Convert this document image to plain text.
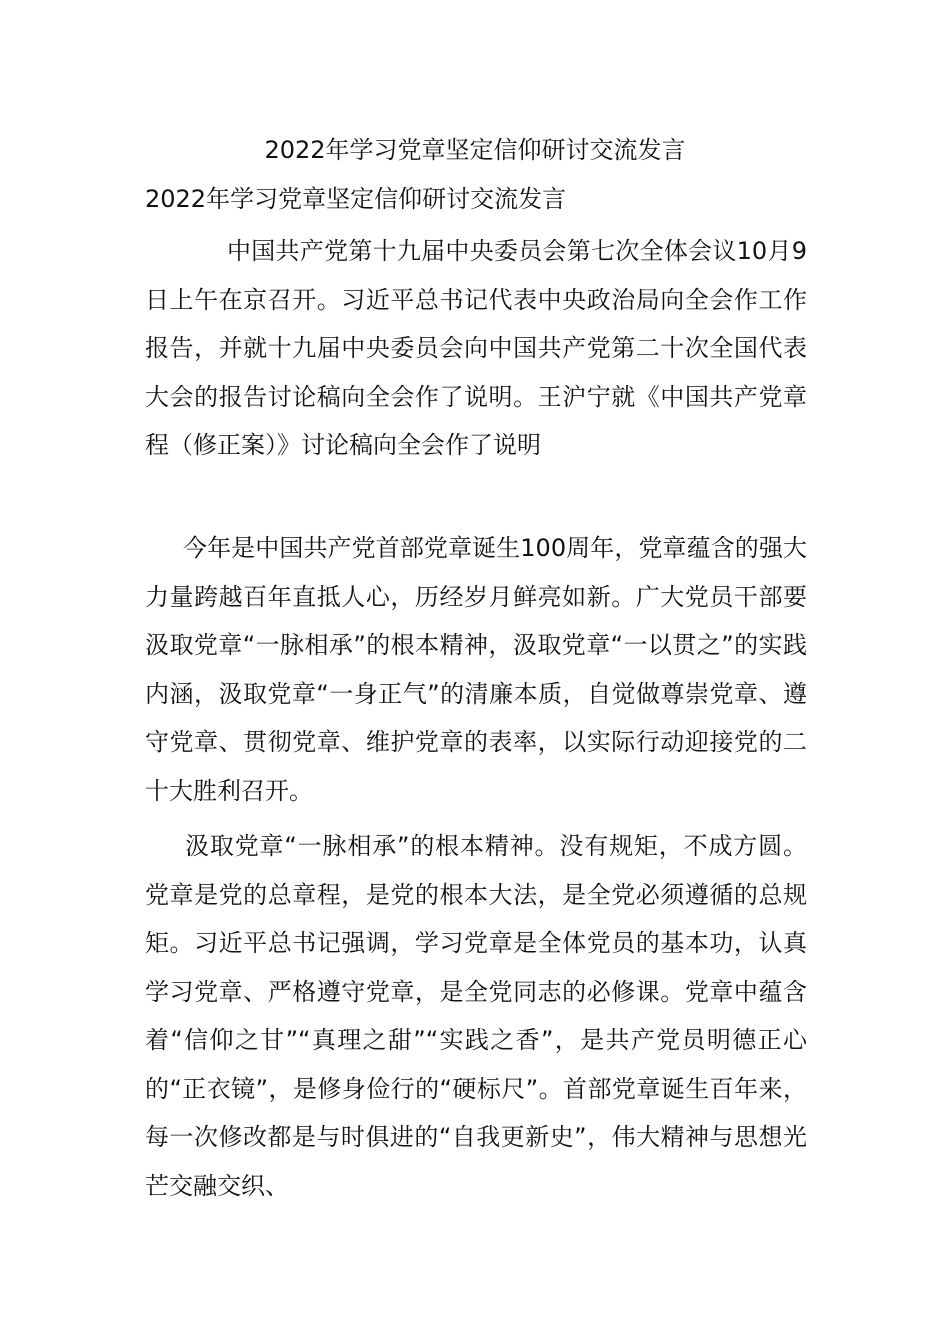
2022年学习党章坚定信仰研讨交流发言
2022年学习党章坚定信仰研讨交流发言

中国共产党第十九届中央委员会第七次全体会议10月9日上午在京召开。习近平总书记代表中央政治局向全会作工作报告，并就十九届中央委员会向中国共产党第二十次全国代表大会的报告讨论稿向全会作了说明。王沪宁就《中国共产党章程（修正案）》讨论稿向全会作了说明

今年是中国共产党首部党章诞生100周年，党章蕴含的强大力量跨越百年直抵人心，历经岁月鲜亮如新。广大党员干部要汲取党章“一脉相承”的根本精神，汲取党章“一以贯之”的实践内涵，汲取党章“一身正气”的清廉本质，自觉做尊崇党章、遵守党章、贯彻党章、维护党章的表率，以实际行动迎接党的二十大胜利召开。

汲取党章“一脉相承”的根本精神。没有规矩，不成方圆。党章是党的总章程，是党的根本大法，是全党必须遵循的总规矩。习近平总书记强调，学习党章是全体党员的基本功，认真学习党章、严格遵守党章，是全党同志的必修课。党章中蕴含着“信仰之甘”“真理之甜”“实践之香”，是共产党员明德正心的“正衣镜”，是修身俭行的“硬标尺”。首部党章诞生百年来，每一次修改都是与时俱进的“自我更新史”，伟大精神与思想光芒交融交织、
